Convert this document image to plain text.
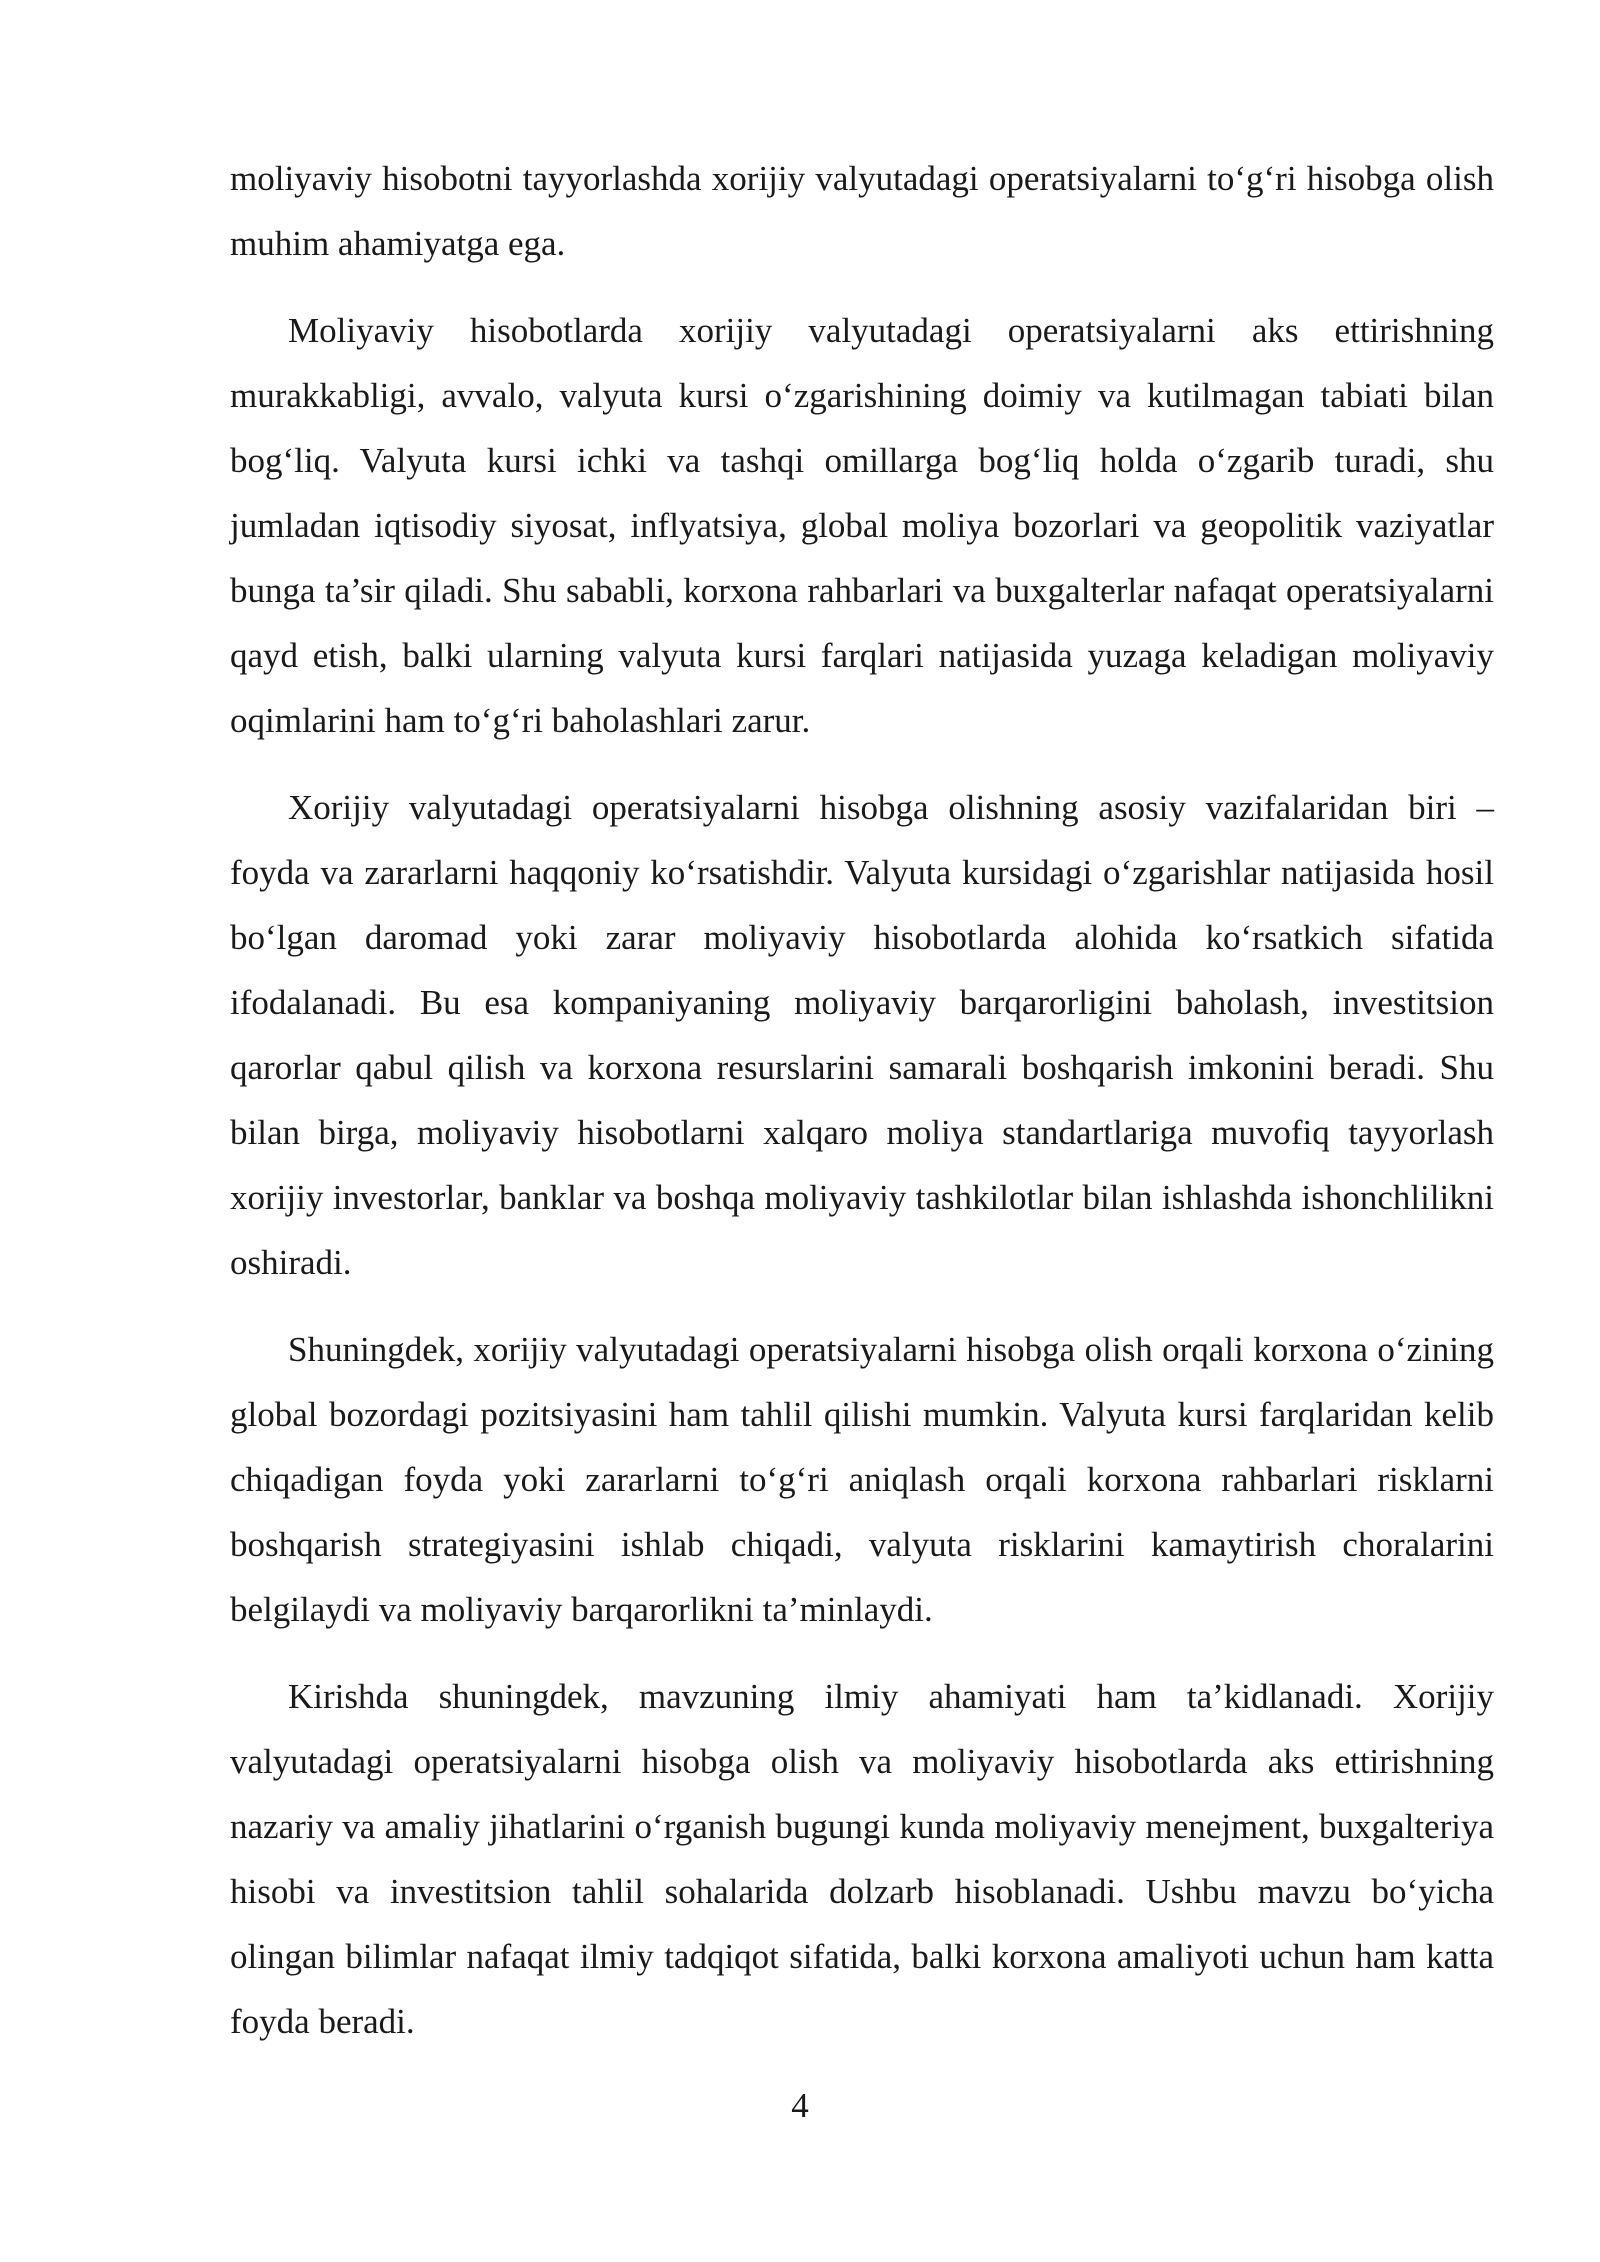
moliyaviy hisobotni tayyorlashda xorijiy valyutadagi operatsiyalarni to‘g‘ri hisobga olish muhim ahamiyatga ega.

Moliyaviy hisobotlarda xorijiy valyutadagi operatsiyalarni aks ettirishning murakkabligi, avvalo, valyuta kursi o‘zgarishining doimiy va kutilmagan tabiati bilan bog‘liq. Valyuta kursi ichki va tashqi omillarga bog‘liq holda o‘zgarib turadi, shu jumladan iqtisodiy siyosat, inflyatsiya, global moliya bozorlari va geopolitik vaziyatlar bunga ta’sir qiladi. Shu sababli, korxona rahbarlari va buxgalterlar nafaqat operatsiyalarni qayd etish, balki ularning valyuta kursi farqlari natijasida yuzaga keladigan moliyaviy oqimlarini ham to‘g‘ri baholashlari zarur.

Xorijiy valyutadagi operatsiyalarni hisobga olishning asosiy vazifalaridan biri – foyda va zararlarni haqqoniy ko‘rsatishdir. Valyuta kursidagi o‘zgarishlar natijasida hosil bo‘lgan daromad yoki zarar moliyaviy hisobotlarda alohida ko‘rsatkich sifatida ifodalanadi. Bu esa kompaniyaning moliyaviy barqarorligini baholash, investitsion qarorlar qabul qilish va korxona resurslarini samarali boshqarish imkonini beradi. Shu bilan birga, moliyaviy hisobotlarni xalqaro moliya standartlariga muvofiq tayyorlash xorijiy investorlar, banklar va boshqa moliyaviy tashkilotlar bilan ishlashda ishonchlilikni oshiradi.

Shuningdek, xorijiy valyutadagi operatsiyalarni hisobga olish orqali korxona o‘zining global bozordagi pozitsiyasini ham tahlil qilishi mumkin. Valyuta kursi farqlaridan kelib chiqadigan foyda yoki zararlarni to‘g‘ri aniqlash orqali korxona rahbarlari risklarni boshqarish strategiyasini ishlab chiqadi, valyuta risklarini kamaytirish choralarini belgilaydi va moliyaviy barqarorlikni ta’minlaydi.

Kirishda shuningdek, mavzuning ilmiy ahamiyati ham ta’kidlanadi. Xorijiy valyutadagi operatsiyalarni hisobga olish va moliyaviy hisobotlarda aks ettirishning nazariy va amaliy jihatlarini o‘rganish bugungi kunda moliyaviy menejment, buxgalteriya hisobi va investitsion tahlil sohalarida dolzarb hisoblanadi. Ushbu mavzu bo‘yicha olingan bilimlar nafaqat ilmiy tadqiqot sifatida, balki korxona amaliyoti uchun ham katta foyda beradi.

4
